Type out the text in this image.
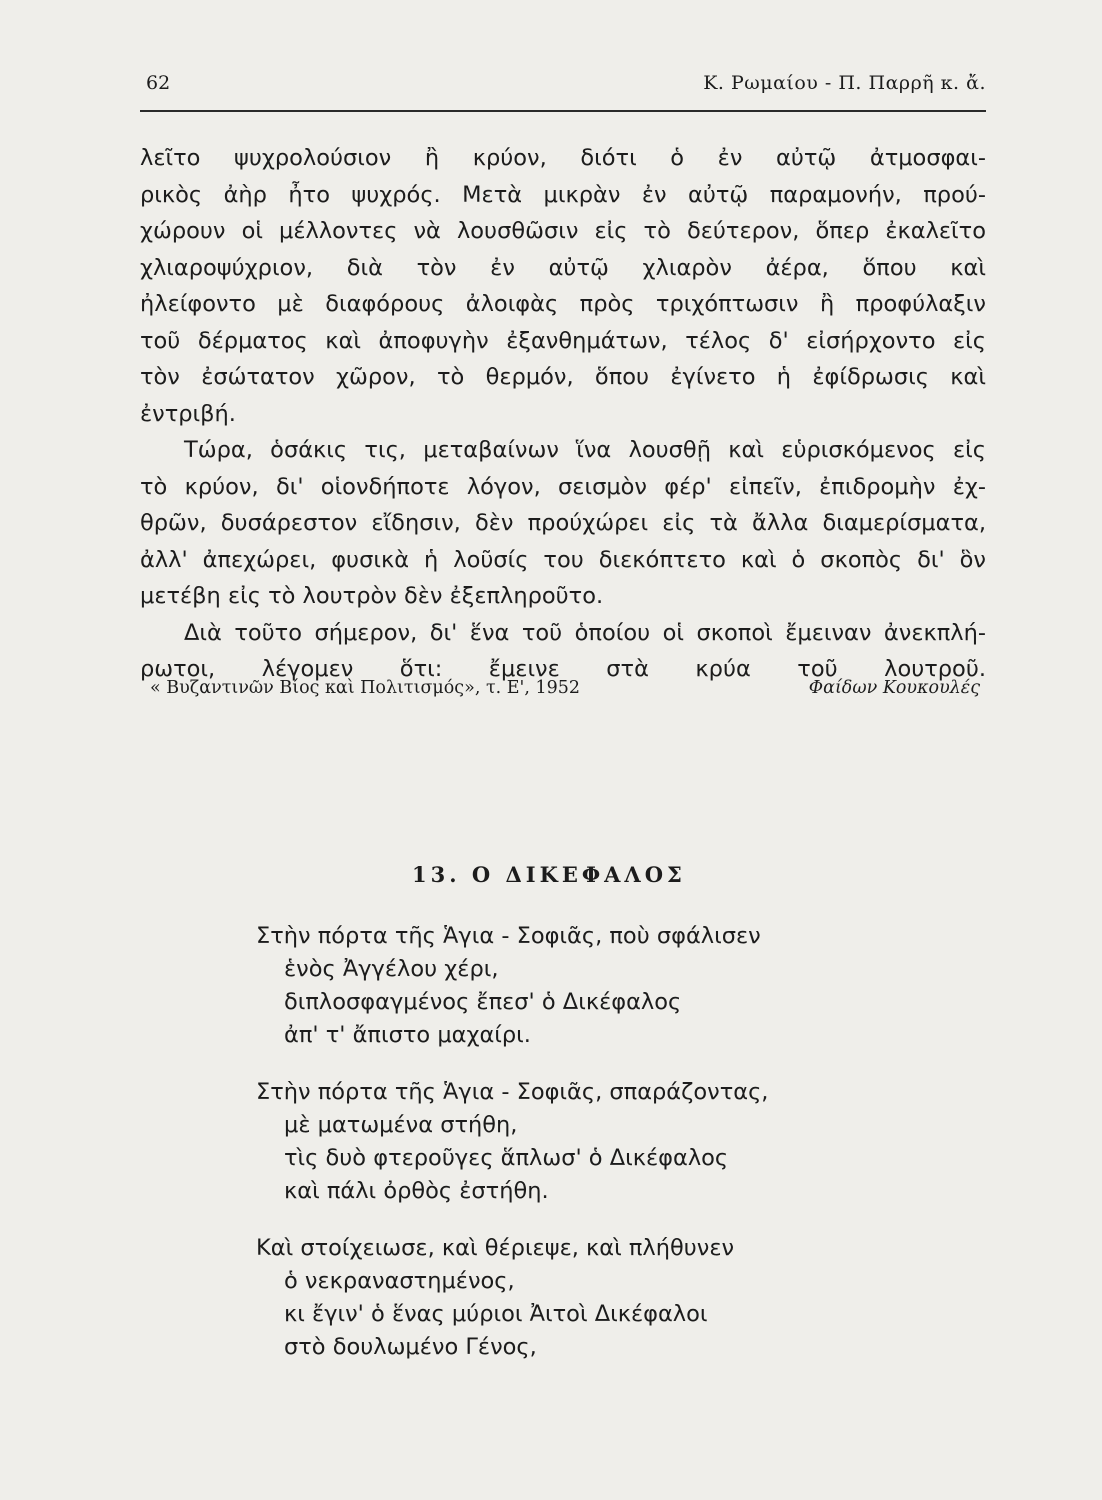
62	Κ. Ρωμαίου - Π. Παρρῆ κ. ἄ.
λεῖτο ψυχρολούσιον ἢ κρύον, διότι ὁ ἐν αὐτῷ ἀτμοσφαι-
ρικὸς ἀὴρ ἦτο ψυχρός. Μετὰ μικρὰν ἐν αὐτῷ παραμονήν, πρού-
χώρουν οἱ μέλλοντες νὰ λουσθῶσιν εἰς τὸ δεύτερον, ὅπερ ἐκαλεῖτο
χλιαροψύχριον, διὰ τὸν ἐν αὐτῷ χλιαρὸν ἀέρα, ὅπου καὶ
ἠλείφοντο μὲ διαφόρους ἀλοιφὰς πρὸς τριχόπτωσιν ἢ προφύλαξιν
τοῦ δέρματος καὶ ἀποφυγὴν ἐξανθημάτων, τέλος δ' εἰσήρχοντο εἰς
τὸν ἐσώτατον χῶρον, τὸ θερμόν, ὅπου ἐγίνετο ἡ ἐφίδρωσις καὶ
ἐντριβή.
Τώρα, ὁσάκις τις, μεταβαίνων ἵνα λουσθῇ καὶ εὑρισκόμενος εἰς
τὸ κρύον, δι' οἱονδήποτε λόγον, σεισμὸν φέρ' εἰπεῖν, ἐπιδρομὴν ἐχ-
θρῶν, δυσάρεστον εἴδησιν, δὲν προύχώρει εἰς τὰ ἄλλα διαμερίσματα,
ἀλλ' ἀπεχώρει, φυσικὰ ἡ λοῦσίς του διεκόπτετο καὶ ὁ σκοπὸς δι' ὃν
μετέβη εἰς τὸ λουτρὸν δὲν ἐξεπληροῦτο.
Διὰ τοῦτο σήμερον, δι' ἕνα τοῦ ὁποίου οἱ σκοποὶ ἔμειναν ἀνεκπλή-
ρωτοι, λέγομεν ὅτι: ἔμεινε στὰ κρύα τοῦ λουτροῦ.
« Βυζαντινῶν Βίος καὶ Πολιτισμός», τ. Ε', 1952	Φαίδων Κουκουλές
13. Ο ΔΙΚΕΦΑΛΟΣ
Στὴν πόρτα τῆς Ἁγια - Σοφιᾶς, ποὺ σφάλισεν
ἑνὸς Ἀγγέλου χέρι,
διπλοσφαγμένος ἔπεσ' ὁ Δικέφαλος
ἀπ' τ' ἄπιστο μαχαίρι.
Στὴν πόρτα τῆς Ἁγια - Σοφιᾶς, σπαράζοντας,
μὲ ματωμένα στήθη,
τὶς δυὸ φτεροῦγες ἅπλωσ' ὁ Δικέφαλος
καὶ πάλι ὀρθὸς ἐστήθη.
Καὶ στοίχειωσε, καὶ θέριεψε, καὶ πλήθυνεν
ὁ νεκραναστημένος,
κι ἔγιν' ὁ ἕνας μύριοι Ἀιτοὶ Δικέφαλοι
στὸ δουλωμένο Γένος,
